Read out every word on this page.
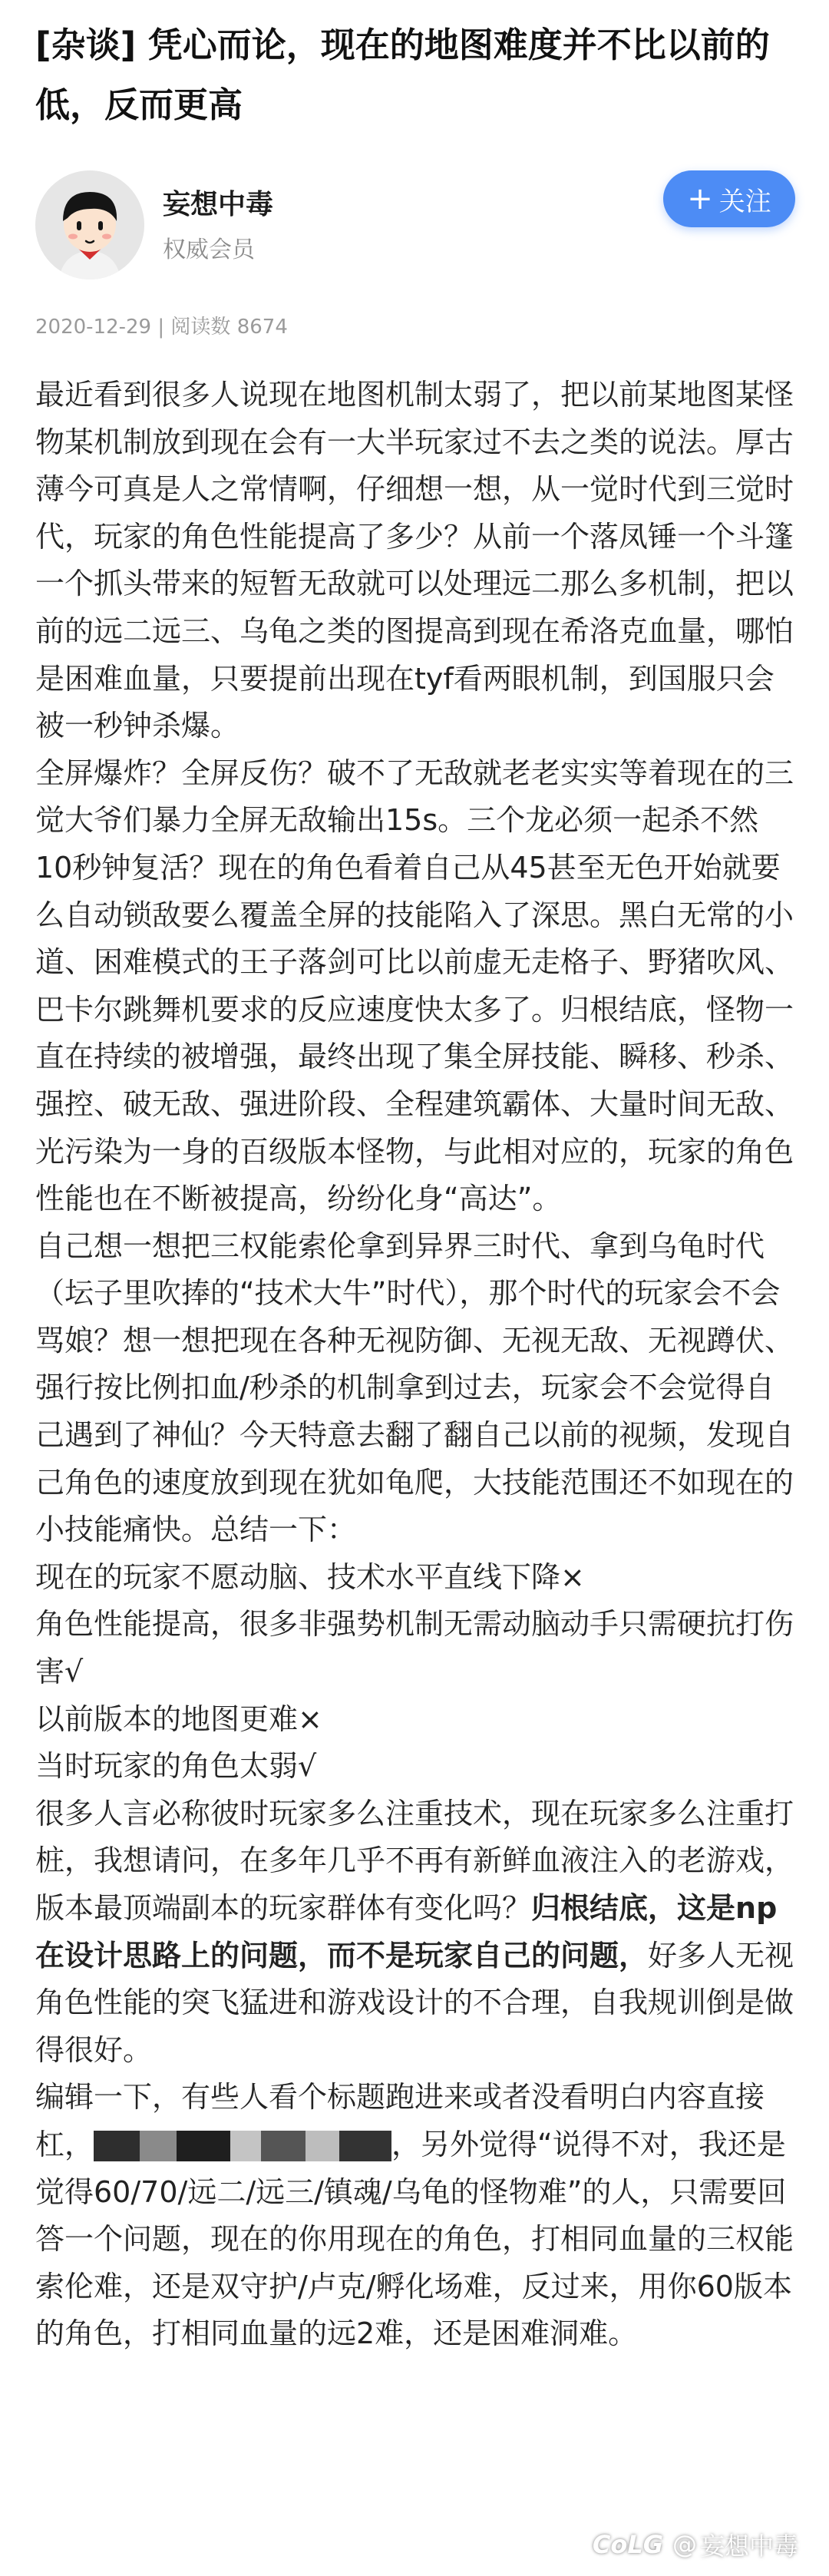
[杂谈] 凭心而论，现在的地图难度并不比以前的低，反而更高
妄想中毒
权威会员
+ 关注
2020-12-29 | 阅读数 8674

最近看到很多人说现在地图机制太弱了，把以前某地图某怪物某机制放到现在会有一大半玩家过不去之类的说法。厚古薄今可真是人之常情啊，仔细想一想，从一觉时代到三觉时代，玩家的角色性能提高了多少？从前一个落凤锤一个斗篷一个抓头带来的短暂无敌就可以处理远二那么多机制，把以前的远二远三、乌龟之类的图提高到现在希洛克血量，哪怕是困难血量，只要提前出现在tyf看两眼机制，到国服只会被一秒钟杀爆。

全屏爆炸？全屏反伤？破不了无敌就老老实实等着现在的三觉大爷们暴力全屏无敌输出15s。三个龙必须一起杀不然10秒钟复活？现在的角色看着自己从45甚至无色开始就要么自动锁敌要么覆盖全屏的技能陷入了深思。黑白无常的小道、困难模式的王子落剑可比以前虚无走格子、野猪吹风、巴卡尔跳舞机要求的反应速度快太多了。归根结底，怪物一直在持续的被增强，最终出现了集全屏技能、瞬移、秒杀、强控、破无敌、强进阶段、全程建筑霸体、大量时间无敌、光污染为一身的百级版本怪物，与此相对应的，玩家的角色性能也在不断被提高，纷纷化身“高达”。

自己想一想把三权能索伦拿到异界三时代、拿到乌龟时代（坛子里吹捧的“技术大牛”时代），那个时代的玩家会不会骂娘？想一想把现在各种无视防御、无视无敌、无视蹲伏、强行按比例扣血/秒杀的机制拿到过去，玩家会不会觉得自己遇到了神仙？今天特意去翻了翻自己以前的视频，发现自己角色的速度放到现在犹如龟爬，大技能范围还不如现在的小技能痛快。总结一下：

现在的玩家不愿动脑、技术水平直线下降×

角色性能提高，很多非强势机制无需动脑动手只需硬抗打伤害√

以前版本的地图更难×

当时玩家的角色太弱√

很多人言必称彼时玩家多么注重技术，现在玩家多么注重打桩，我想请问，在多年几乎不再有新鲜血液注入的老游戏，版本最顶端副本的玩家群体有变化吗？归根结底，这是np在设计思路上的问题，而不是玩家自己的问题，好多人无视角色性能的突飞猛进和游戏设计的不合理，自我规训倒是做得很好。

编辑一下，有些人看个标题跑进来或者没看明白内容直接杠，	，另外觉得“说得不对，我还是觉得60/70/远二/远三/镇魂/乌龟的怪物难”的人，只需要回答一个问题，现在的你用现在的角色，打相同血量的三权能索伦难，还是双守护/卢克/孵化场难，反过来，用你60版本的角色，打相同血量的远2难，还是困难洞难。

CoLG @ 妄想中毒
